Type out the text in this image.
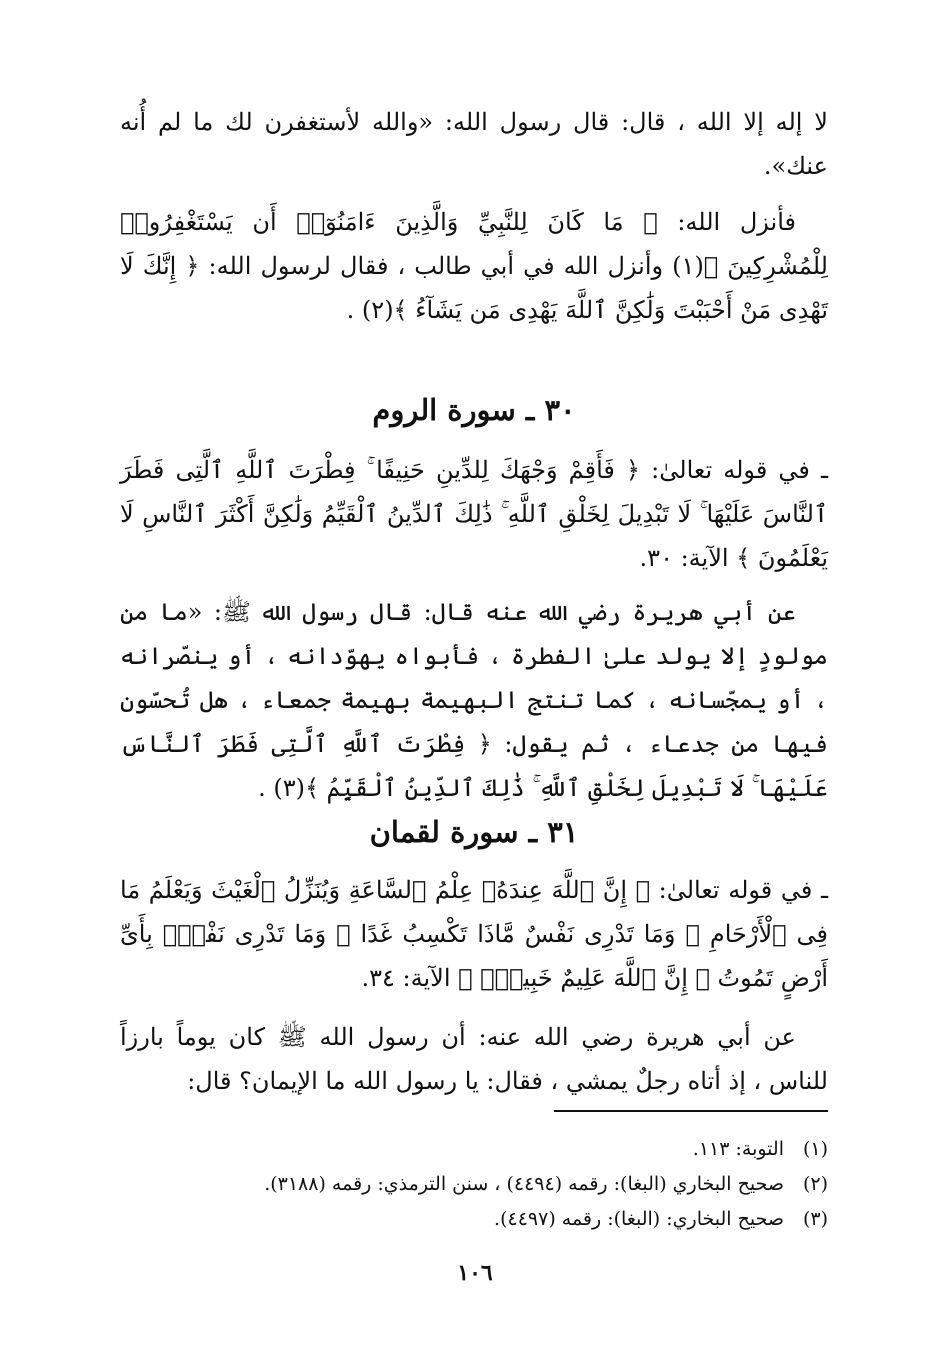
لا إله إلا الله ، قال: قال رسول الله: «والله لأستغفرن لك ما لم أُنه عنك».

فأنزل الله: ﴿ مَا كَانَ لِلنَّبِيِّ وَالَّذِينَ ءَامَنُوٓا۟ أَن يَسْتَغْفِرُوا۟ لِلْمُشْرِكِينَ ﴾(١) وأنزل الله في أبي طالب ، فقال لرسول الله: ﴿ إِنَّكَ لَا تَهْدِى مَنْ أَحْبَبْتَ وَلَٰكِنَّ ٱللَّهَ يَهْدِى مَن يَشَآءُ ﴾(٢) .

٣٠ ـ سورة الروم

ـ في قوله تعالىٰ: ﴿ فَأَقِمْ وَجْهَكَ لِلدِّينِ حَنِيفًا ۚ فِطْرَتَ ٱللَّهِ ٱلَّتِى فَطَرَ ٱلنَّاسَ عَلَيْهَا ۚ لَا تَبْدِيلَ لِخَلْقِ ٱللَّهِ ۚ ذَٰلِكَ ٱلدِّينُ ٱلْقَيِّمُ وَلَٰكِنَّ أَكْثَرَ ٱلنَّاسِ لَا يَعْلَمُونَ ﴾ الآية: ٣٠.

عن أبي هريرة رضي الله عنه قال: قال رسول الله ﷺ: «ما من مولودٍ إلا يولد علىٰ الفطرة ، فأبواه يهوّدانه ، أو ينصّرانه ، أو يمجّسانه ، كما تنتج البهيمة بهيمة جمعاء ، هل تُحسّون فيها من جدعاء ، ثم يقول: ﴿ فِطْرَتَ ٱللَّهِ ٱلَّتِى فَطَرَ ٱلنَّاسَ عَلَيْهَا ۚ لَا تَبْدِيلَ لِخَلْقِ ٱللَّهِ ۚ ذَٰلِكَ ٱلدِّينُ ٱلْقَيِّمُ ﴾(٣) .

٣١ ـ سورة لقمان

ـ في قوله تعالىٰ: ﴿ إِنَّ ٱللَّهَ عِندَهُۥ عِلْمُ ٱلسَّاعَةِ وَيُنَزِّلُ ٱلْغَيْثَ وَيَعْلَمُ مَا فِى ٱلْأَرْحَامِ ۖ وَمَا تَدْرِى نَفْسٌ مَّاذَا تَكْسِبُ غَدًا ۖ وَمَا تَدْرِى نَفْسٌۢ بِأَىِّ أَرْضٍ تَمُوتُ ۚ إِنَّ ٱللَّهَ عَلِيمٌ خَبِيرٌۢ ﴾ الآية: ٣٤.

عن أبي هريرة رضي الله عنه: أن رسول الله ﷺ كان يوماً بارزاً للناس ، إذ أتاه رجلٌ يمشي ، فقال: يا رسول الله ما الإيمان؟ قال:

(١)
التوبة: ١١٣.
(٢)
صحيح البخاري (البغا): رقمه (٤٤٩٤) ، سنن الترمذي: رقمه (٣١٨٨).
(٣)
صحيح البخاري: (البغا): رقمه (٤٤٩٧).
١٠٦
